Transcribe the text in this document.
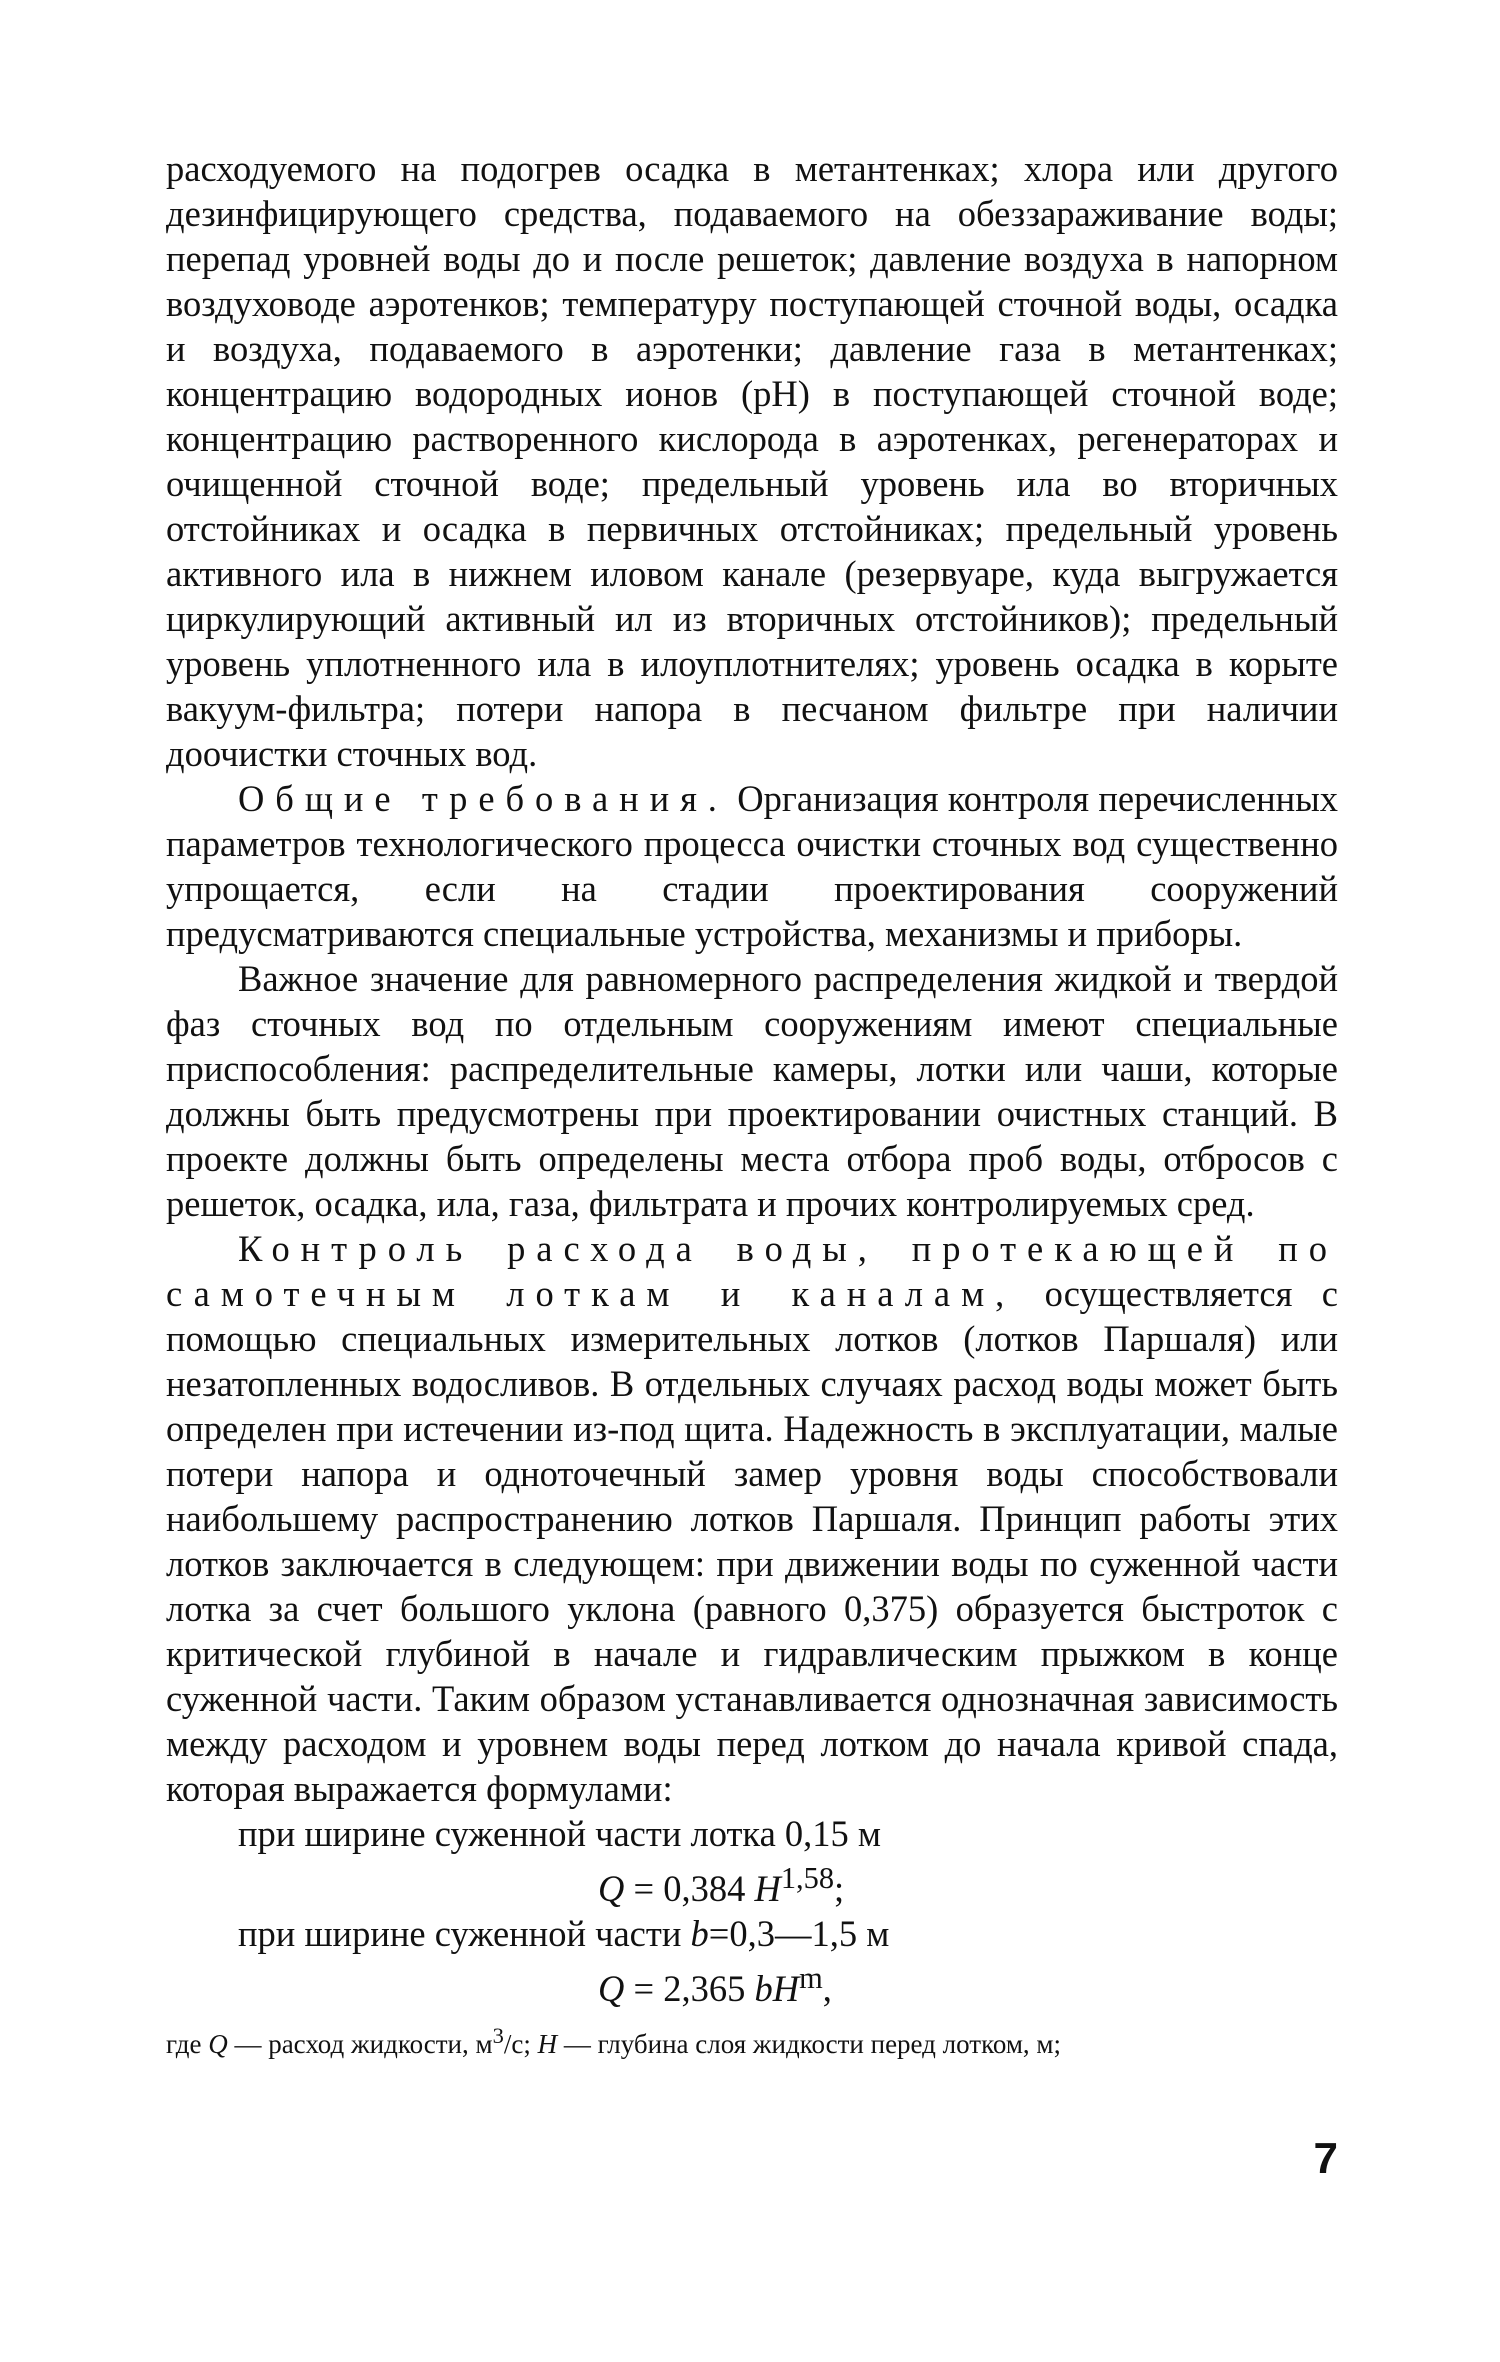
расходуемого на подогрев осадка в метантенках; хлора или другого дезинфицирующего средства, подаваемого на обеззараживание воды; перепад уровней воды до и после решеток; давление воздуха в напорном воздуховоде аэротенков; температуру поступающей сточной воды, осадка и воздуха, подаваемого в аэротенки; давление газа в метантенках; концентрацию водородных ионов (pH) в поступающей сточной воде; концентрацию растворенного кислорода в аэротенках, регенераторах и очищенной сточной воде; предельный уровень ила во вторичных отстойниках и осадка в первичных отстойниках; предельный уровень активного ила в нижнем иловом канале (резервуаре, куда выгружается циркулирующий активный ил из вторичных отстойников); предельный уровень уплотненного ила в илоуплотнителях; уровень осадка в корыте вакуум-фильтра; потери напора в песчаном фильтре при наличии доочистки сточных вод.

Общие требования. Организация контроля перечисленных параметров технологического процесса очистки сточных вод существенно упрощается, если на стадии проектирования сооружений предусматриваются специальные устройства, механизмы и приборы.

Важное значение для равномерного распределения жидкой и твердой фаз сточных вод по отдельным сооружениям имеют специальные приспособления: распределительные камеры, лотки или чаши, которые должны быть предусмотрены при проектировании очистных станций. В проекте должны быть определены места отбора проб воды, отбросов с решеток, осадка, ила, газа, фильтрата и прочих контролируемых сред.

Контроль расхода воды, протекающей по самотечным лоткам и каналам, осуществляется с помощью специальных измерительных лотков (лотков Паршаля) или незатопленных водосливов. В отдельных случаях расход воды может быть определен при истечении из-под щита. Надежность в эксплуатации, малые потери напора и одноточечный замер уровня воды способствовали наибольшему распространению лотков Паршаля. Принцип работы этих лотков заключается в следующем: при движении воды по суженной части лотка за счет большого уклона (равного 0,375) образуется быстроток с критической глубиной в начале и гидравлическим прыжком в конце суженной части. Таким образом устанавливается однозначная зависимость между расходом и уровнем воды перед лотком до начала кривой спада, которая выражается формулами:

при ширине суженной части лотка 0,15 м

Q = 0,384 H$^{1,58}$;

при ширине суженной части b=0,3—1,5 м

Q = 2,365 $bH^m$,

где Q — расход жидкости, $м^3/с$; H — глубина слоя жидкости перед лотком, м;

7
